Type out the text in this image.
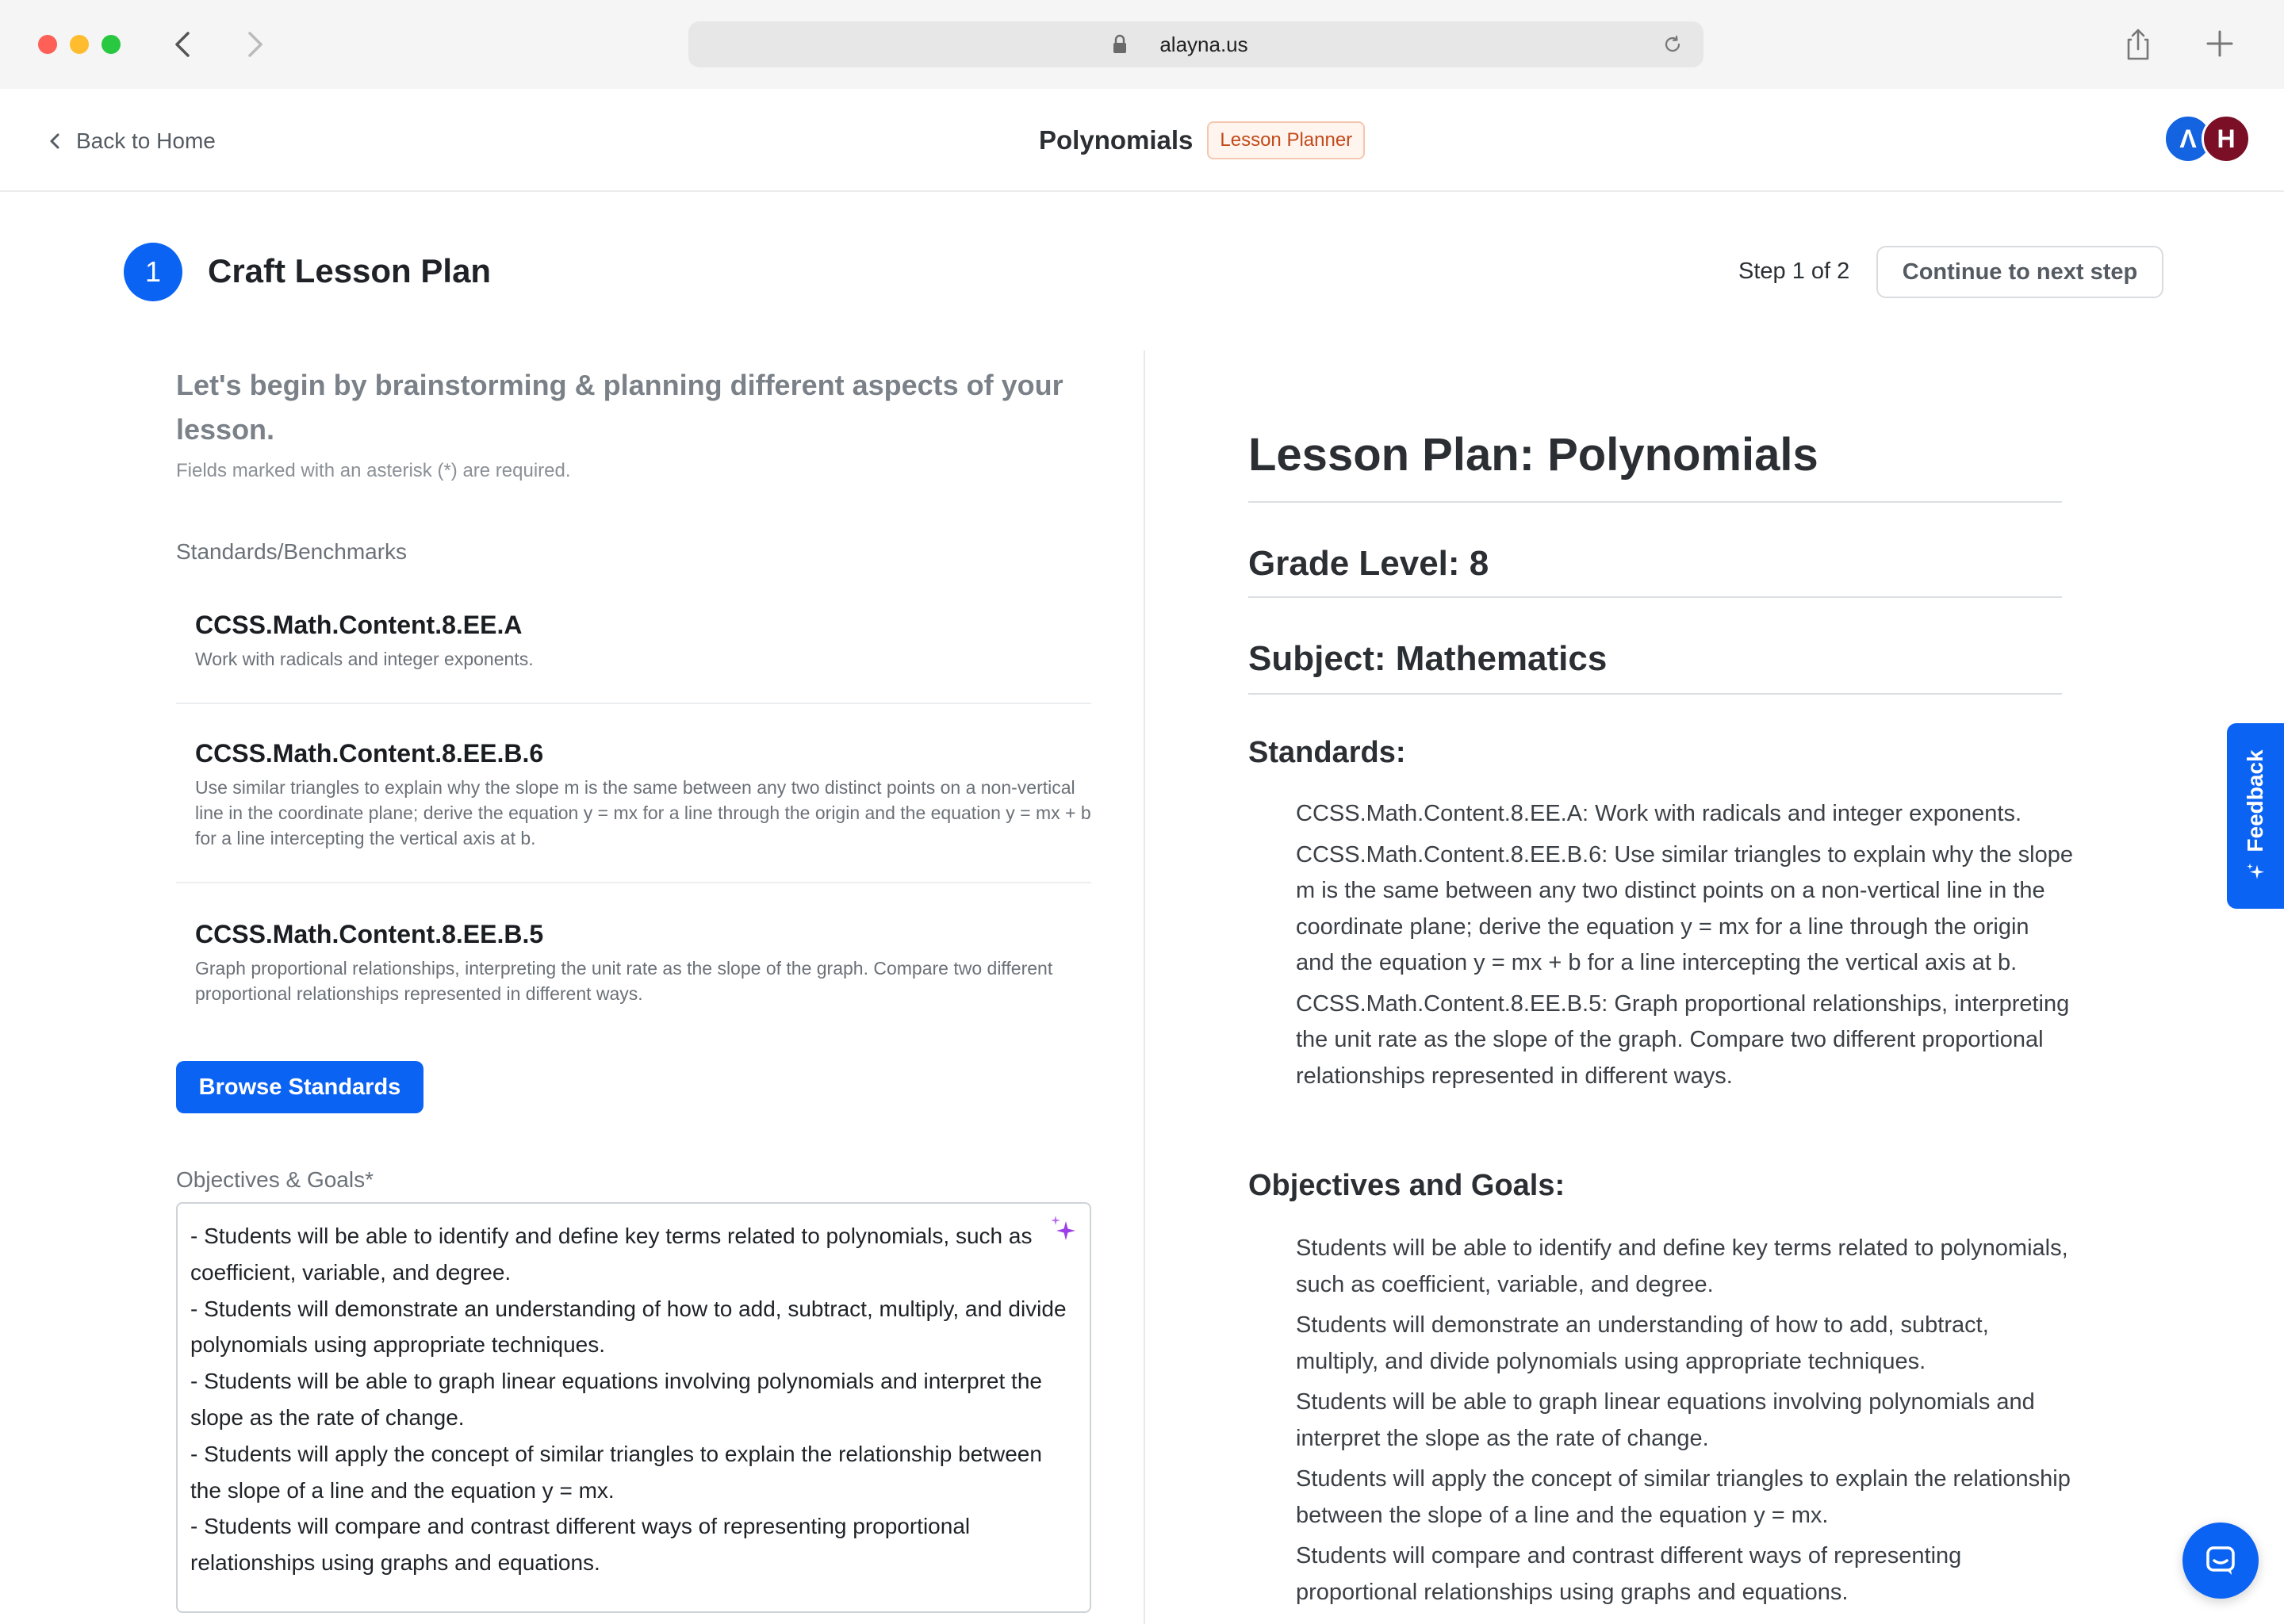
alayna.us
Back to Home	Polynomials	Lesson Planner	Λ H
1	Craft Lesson Plan	Step 1 of 2	Continue to next step
Let's begin by brainstorming & planning different aspects of your lesson.
Fields marked with an asterisk (*) are required.
Standards/Benchmarks
CCSS.Math.Content.8.EE.A
Work with radicals and integer exponents.
CCSS.Math.Content.8.EE.B.6
Use similar triangles to explain why the slope m is the same between any two distinct points on a non-vertical line in the coordinate plane; derive the equation y = mx for a line through the origin and the equation y = mx + b for a line intercepting the vertical axis at b.
CCSS.Math.Content.8.EE.B.5
Graph proportional relationships, interpreting the unit rate as the slope of the graph. Compare two different proportional relationships represented in different ways.
Browse Standards
Objectives & Goals*
- Students will be able to identify and define key terms related to polynomials, such as coefficient, variable, and degree.
- Students will demonstrate an understanding of how to add, subtract, multiply, and divide polynomials using appropriate techniques.
- Students will be able to graph linear equations involving polynomials and interpret the slope as the rate of change.
- Students will apply the concept of similar triangles to explain the relationship between the slope of a line and the equation y = mx.
- Students will compare and contrast different ways of representing proportional relationships using graphs and equations.
Lesson Plan: Polynomials
Grade Level: 8
Subject: Mathematics
Standards:
CCSS.Math.Content.8.EE.A: Work with radicals and integer exponents.
CCSS.Math.Content.8.EE.B.6: Use similar triangles to explain why the slope m is the same between any two distinct points on a non-vertical line in the coordinate plane; derive the equation y = mx for a line through the origin and the equation y = mx + b for a line intercepting the vertical axis at b.
CCSS.Math.Content.8.EE.B.5: Graph proportional relationships, interpreting the unit rate as the slope of the graph. Compare two different proportional relationships represented in different ways.
Objectives and Goals:
Students will be able to identify and define key terms related to polynomials, such as coefficient, variable, and degree.
Students will demonstrate an understanding of how to add, subtract, multiply, and divide polynomials using appropriate techniques.
Students will be able to graph linear equations involving polynomials and interpret the slope as the rate of change.
Students will apply the concept of similar triangles to explain the relationship between the slope of a line and the equation y = mx.
Students will compare and contrast different ways of representing proportional relationships using graphs and equations.
Feedback
